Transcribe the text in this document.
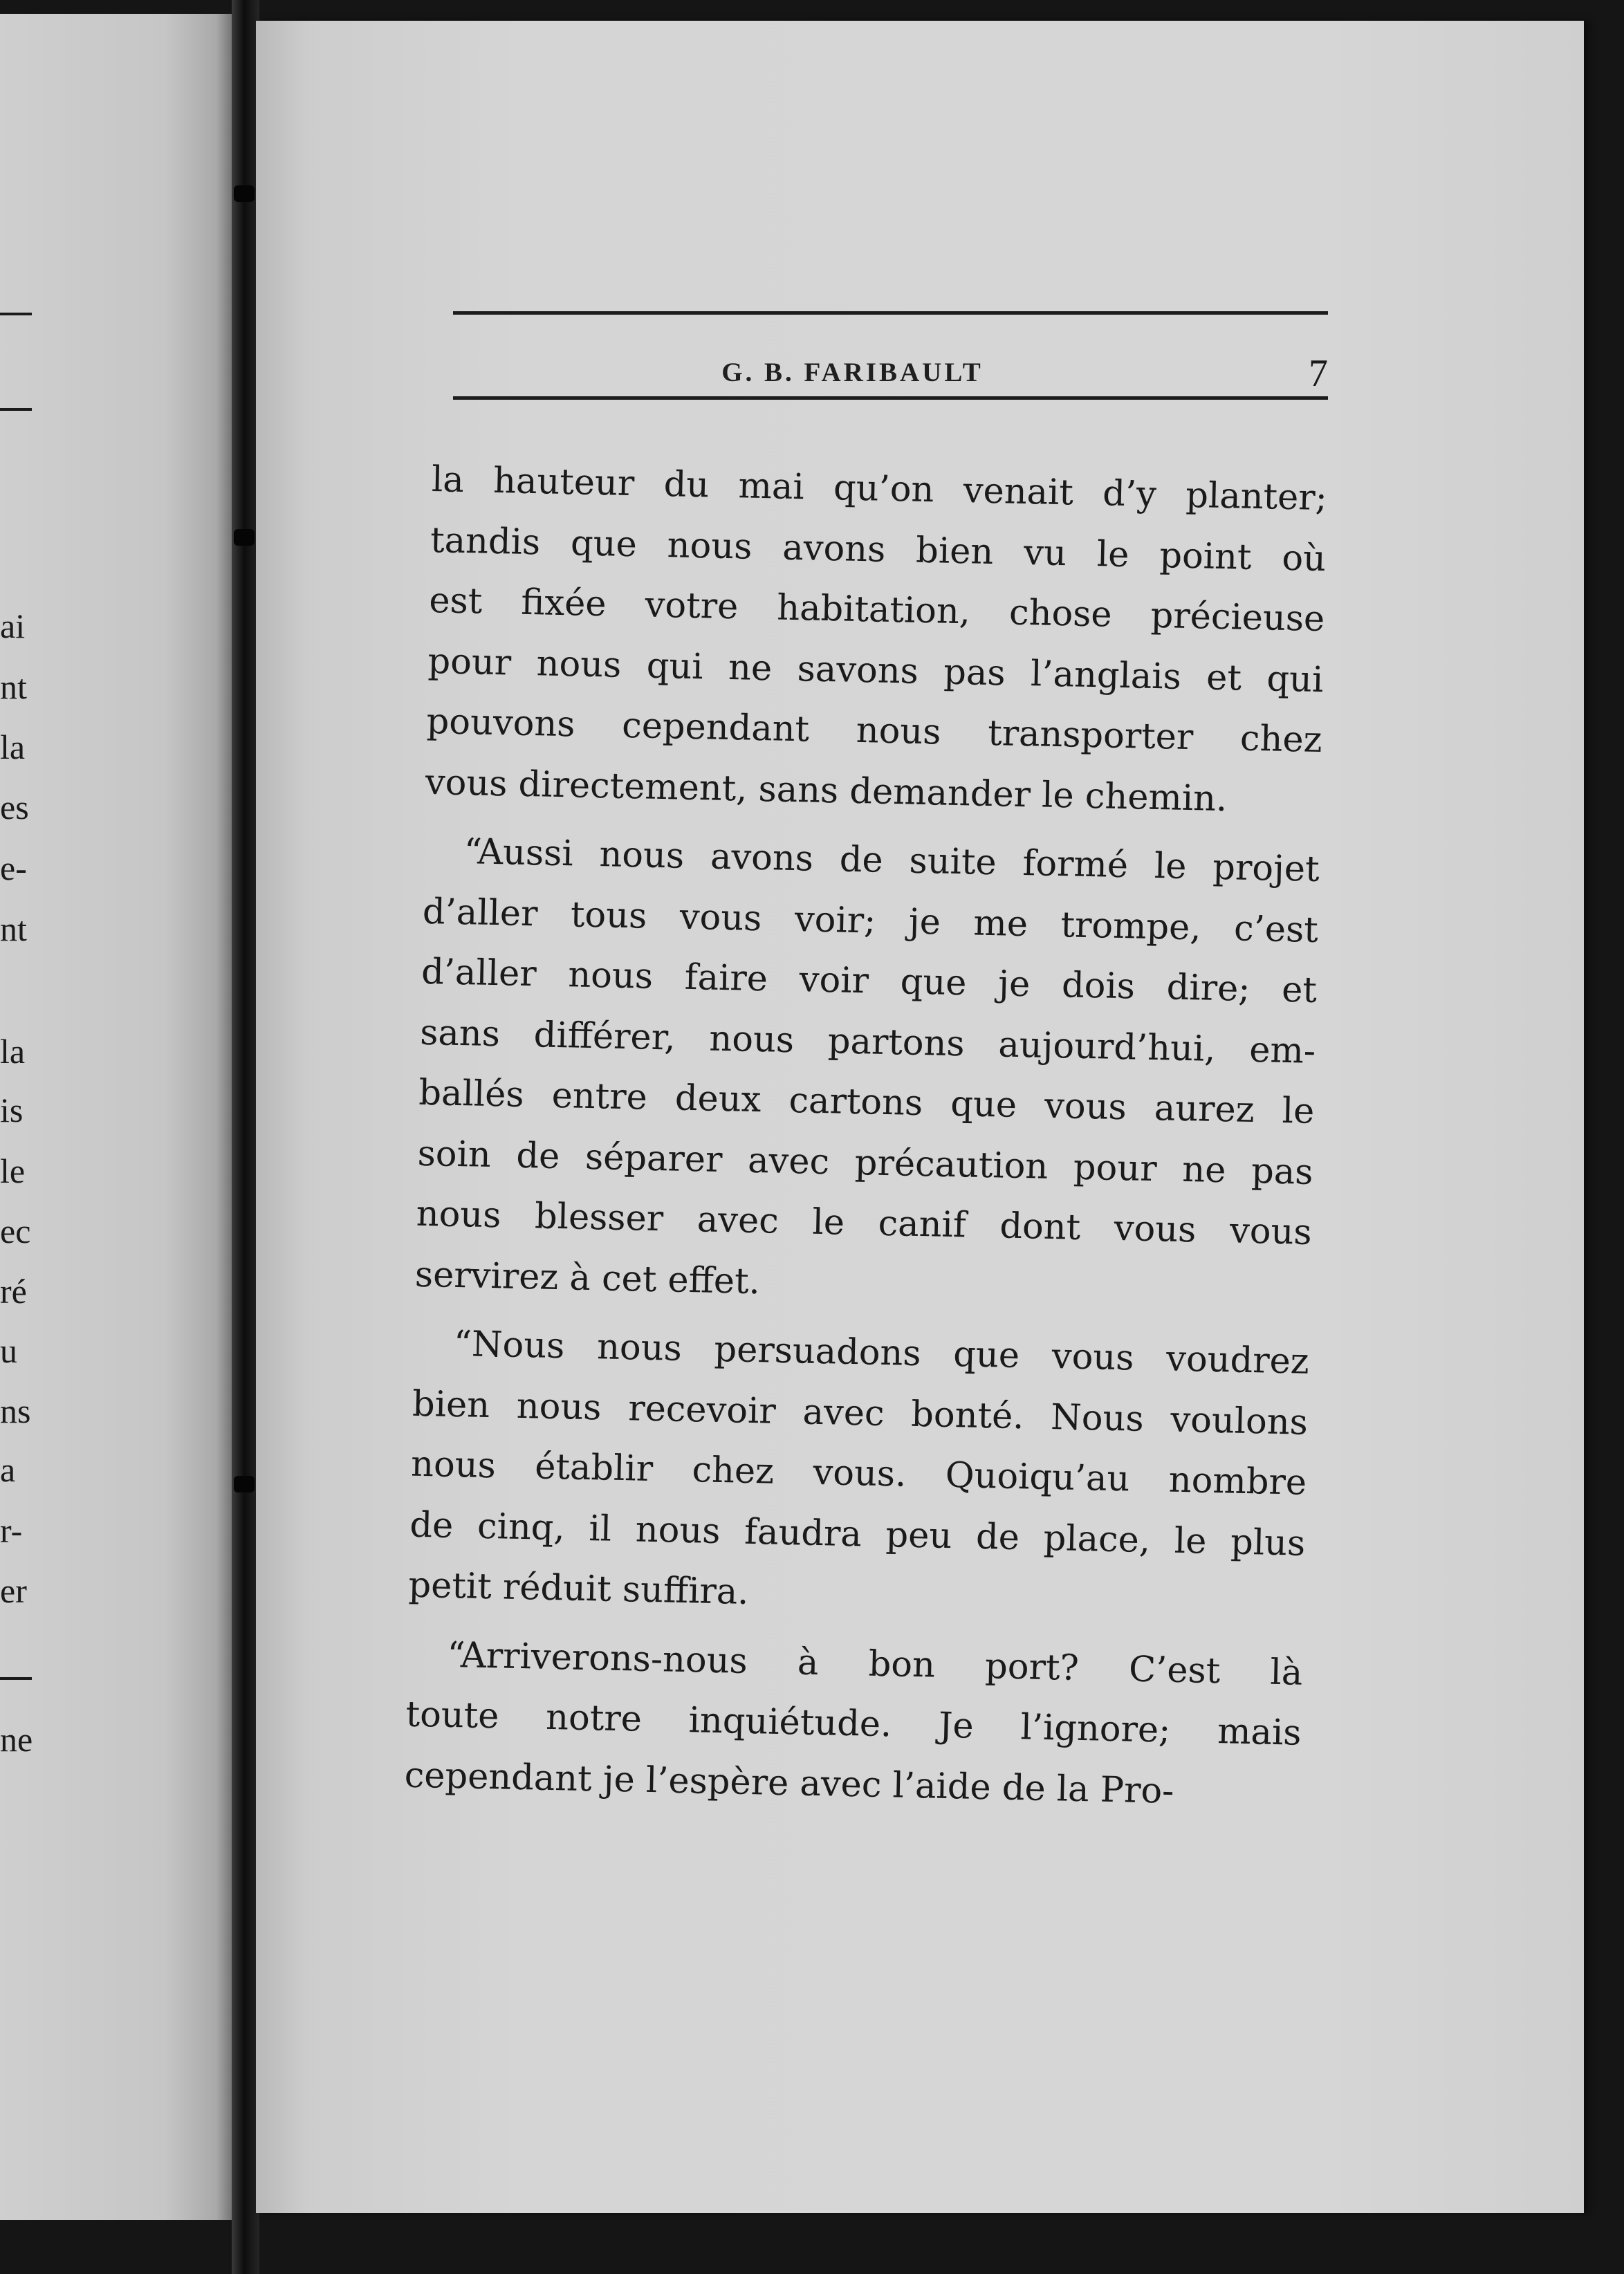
ai
nt
la
es
e-
nt
la
is
le
ec
ré
u
ns
a
r-
er
ne
G. B. FARIBAULT	7
la hauteur du mai qu’on venait d’y planter;
tandis que nous avons bien vu le point où
est fixée votre habitation, chose précieuse
pour nous qui ne savons pas l’anglais et qui
pouvons cependant nous transporter chez
vous directement, sans demander le chemin.
“Aussi nous avons de suite formé le projet
d’aller tous vous voir; je me trompe, c’est
d’aller nous faire voir que je dois dire; et
sans différer, nous partons aujourd’hui, em-
ballés entre deux cartons que vous aurez le
soin de séparer avec précaution pour ne pas
nous blesser avec le canif dont vous vous
servirez à cet effet.
“Nous nous persuadons que vous voudrez
bien nous recevoir avec bonté. Nous voulons
nous établir chez vous. Quoiqu’au nombre
de cinq, il nous faudra peu de place, le plus
petit réduit suffira.
“Arriverons-nous à bon port? C’est là
toute notre inquiétude. Je l’ignore; mais
cependant je l’espère avec l’aide de la Pro-
